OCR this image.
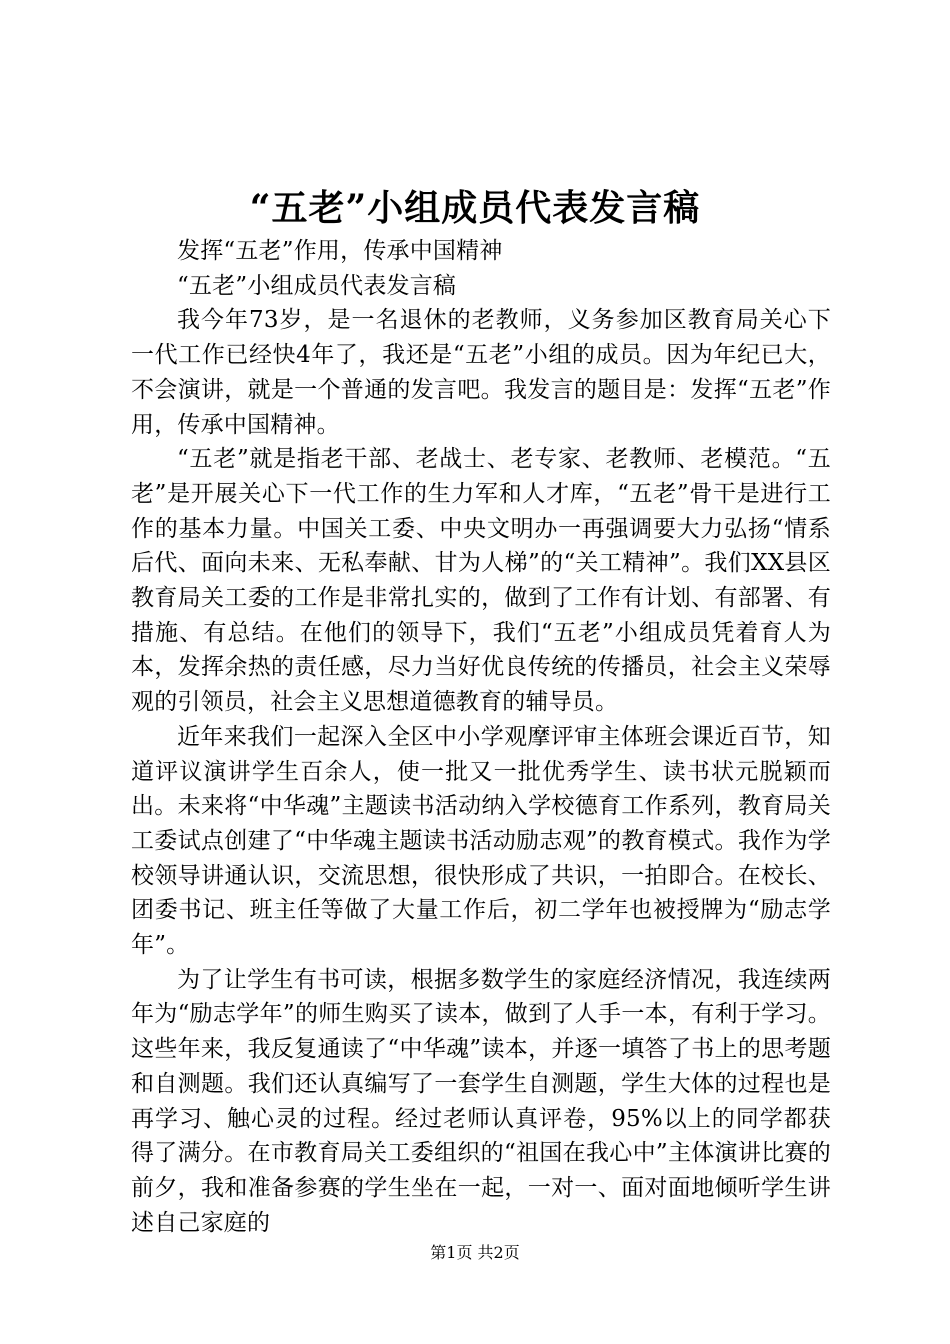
“五老”小组成员代表发言稿

发挥“五老”作用，传承中国精神

“五老”小组成员代表发言稿

我今年73岁，是一名退休的老教师，义务参加区教育局关心下一代工作已经快4年了，我还是“五老”小组的成员。因为年纪已大，不会演讲，就是一个普通的发言吧。我发言的题目是：发挥“五老”作用，传承中国精神。

“五老”就是指老干部、老战士、老专家、老教师、老模范。“五老”是开展关心下一代工作的生力军和人才库，“五老”骨干是进行工作的基本力量。中国关工委、中央文明办一再强调要大力弘扬“情系后代、面向未来、无私奉献、甘为人梯”的“关工精神”。我们XX县区教育局关工委的工作是非常扎实的，做到了工作有计划、有部署、有措施、有总结。在他们的领导下，我们“五老”小组成员凭着育人为本，发挥余热的责任感，尽力当好优良传统的传播员，社会主义荣辱观的引领员，社会主义思想道德教育的辅导员。

近年来我们一起深入全区中小学观摩评审主体班会课近百节，知道评议演讲学生百余人，使一批又一批优秀学生、读书状元脱颖而出。未来将“中华魂”主题读书活动纳入学校德育工作系列，教育局关工委试点创建了“中华魂主题读书活动励志观”的教育模式。我作为学校领导讲通认识，交流思想，很快形成了共识，一拍即合。在校长、团委书记、班主任等做了大量工作后，初二学年也被授牌为“励志学年”。

为了让学生有书可读，根据多数学生的家庭经济情况，我连续两年为“励志学年”的师生购买了读本，做到了人手一本，有利于学习。这些年来，我反复通读了“中华魂”读本，并逐一填答了书上的思考题和自测题。我们还认真编写了一套学生自测题，学生大体的过程也是再学习、触心灵的过程。经过老师认真评卷，95%以上的同学都获得了满分。在市教育局关工委组织的“祖国在我心中”主体演讲比赛的前夕，我和准备参赛的学生坐在一起，一对一、面对面地倾听学生讲述自己家庭的

第1页 共2页
